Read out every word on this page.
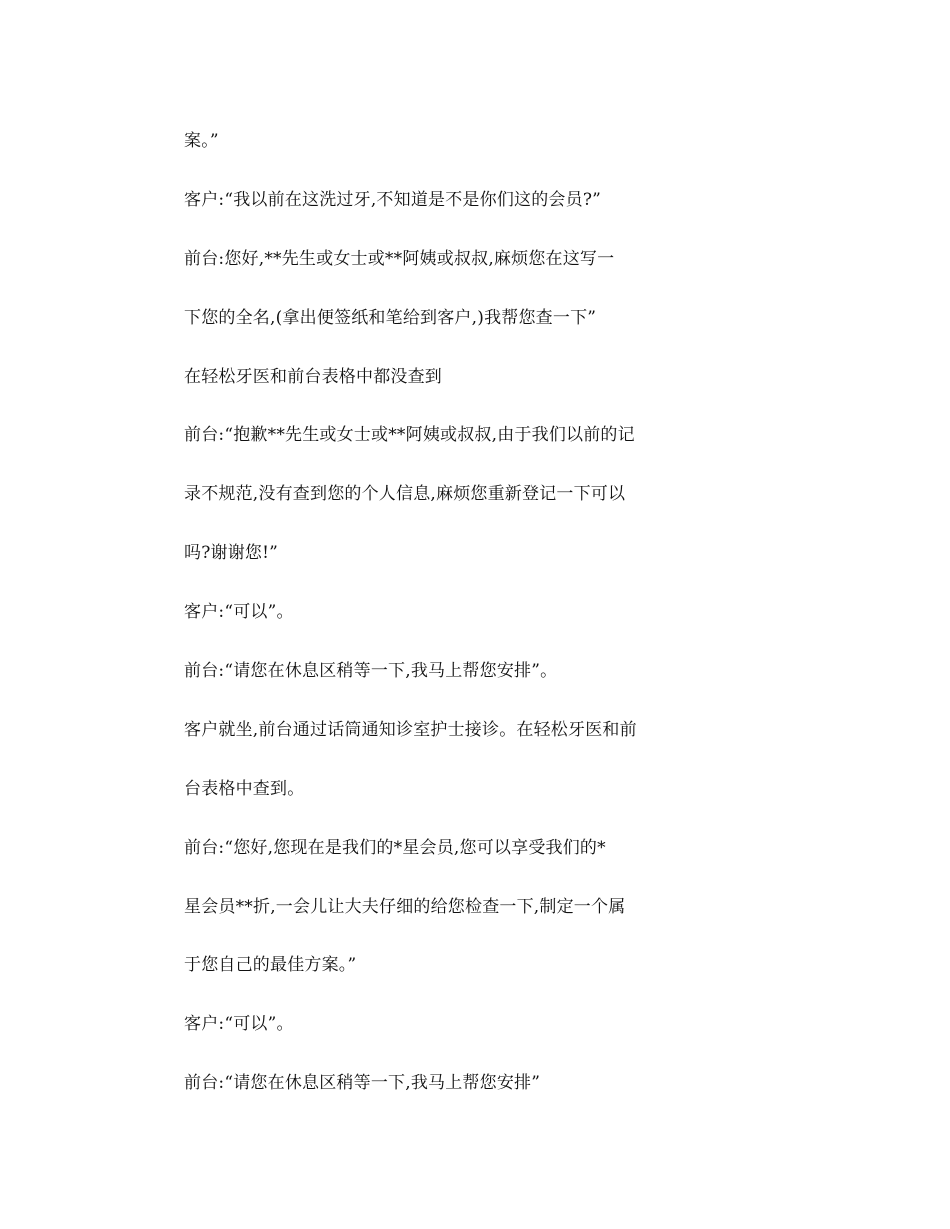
案。”
客户:“我以前在这洗过牙,不知道是不是你们这的会员?”
前台:您好,**先生或女士或**阿姨或叔叔,麻烦您在这写一
下您的全名,(拿出便签纸和笔给到客户,)我帮您查一下”
在轻松牙医和前台表格中都没查到
前台:“抱歉**先生或女士或**阿姨或叔叔,由于我们以前的记
录不规范,没有查到您的个人信息,麻烦您重新登记一下可以
吗?谢谢您!”
客户:“可以”。
前台:“请您在休息区稍等一下,我马上帮您安排”。
客户就坐,前台通过话筒通知诊室护士接诊。在轻松牙医和前
台表格中查到。
前台:“您好,您现在是我们的*星会员,您可以享受我们的*
星会员**折,一会儿让大夫仔细的给您检查一下,制定一个属
于您自己的最佳方案。”
客户:“可以”。
前台:“请您在休息区稍等一下,我马上帮您安排”
